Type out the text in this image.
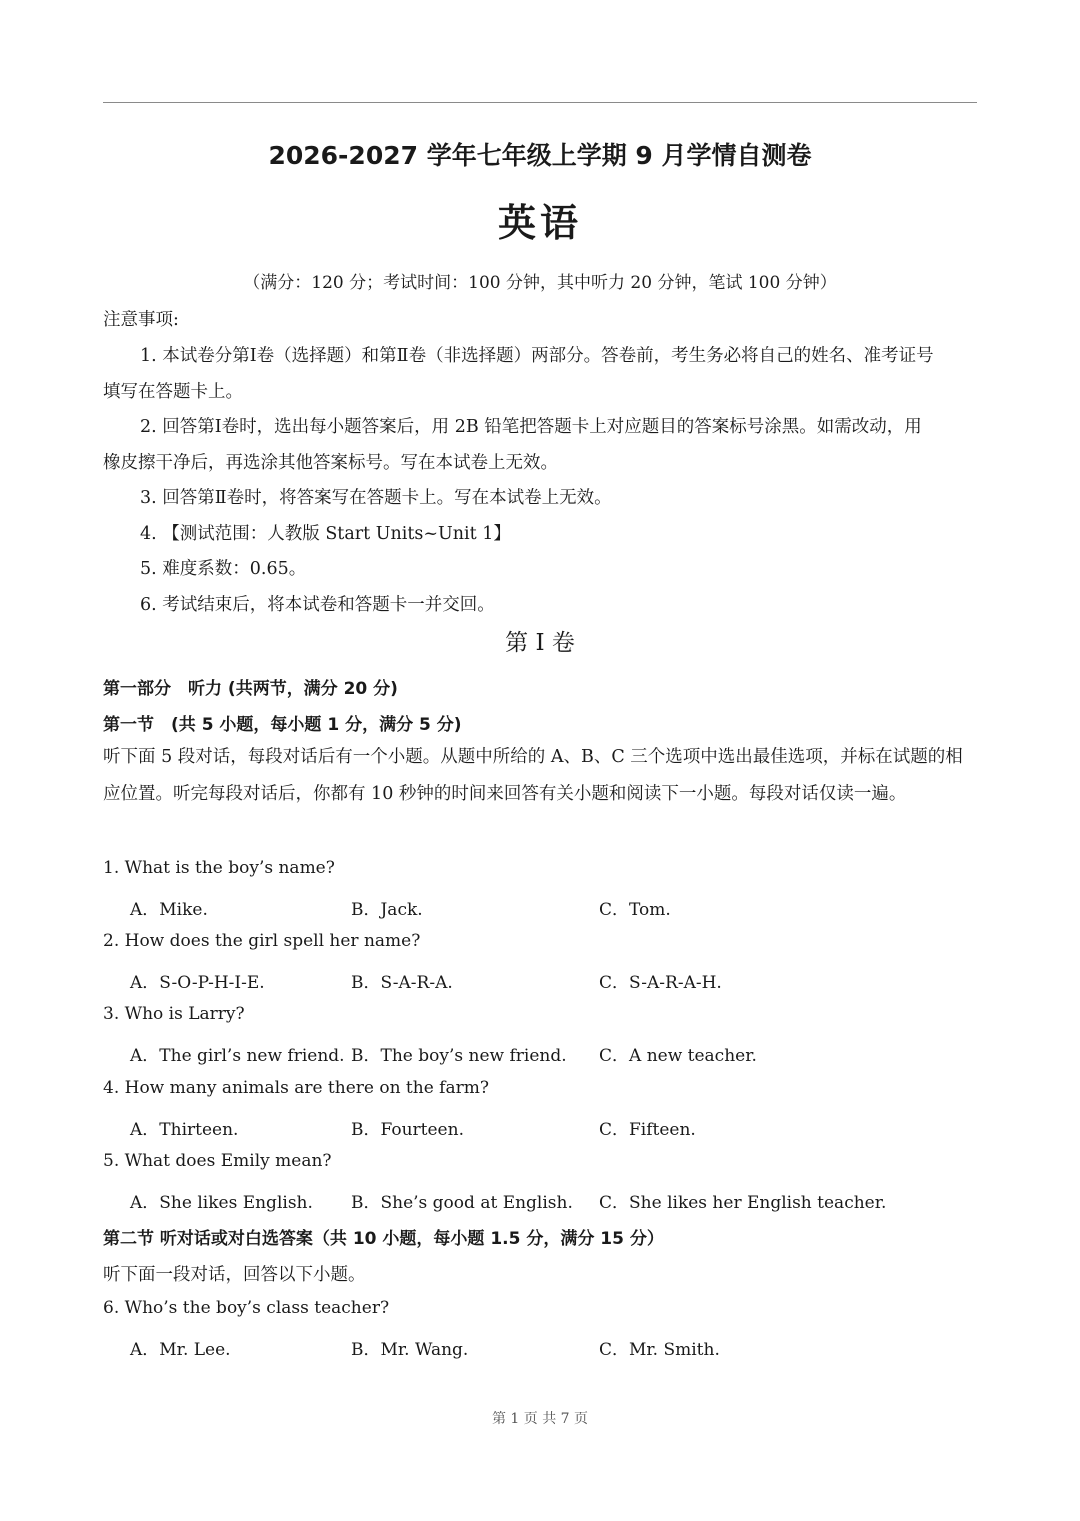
2026-2027 学年七年级上学期 9 月学情自测卷
英语
（满分：120 分；考试时间：100 分钟，其中听力 20 分钟，笔试 100 分钟）
注意事项:
1. 本试卷分第Ⅰ卷（选择题）和第Ⅱ卷（非选择题）两部分。答卷前，考生务必将自己的姓名、准考证号
填写在答题卡上。
2. 回答第Ⅰ卷时，选出每小题答案后，用 2B 铅笔把答题卡上对应题目的答案标号涂黑。如需改动，用
橡皮擦干净后，再选涂其他答案标号。写在本试卷上无效。
3. 回答第Ⅱ卷时，将答案写在答题卡上。写在本试卷上无效。
4. 【测试范围：人教版 Start Units~Unit 1】
5. 难度系数：0.65。
6. 考试结束后，将本试卷和答题卡一并交回。
第 I 卷
第一部分　听力 (共两节，满分 20 分)
第一节　(共 5 小题，每小题 1 分，满分 5 分)
听下面 5 段对话，每段对话后有一个小题。从题中所给的 A、B、C 三个选项中选出最佳选项，并标在试题的相应位置。听完每段对话后，你都有 10 秒钟的时间来回答有关小题和阅读下一小题。每段对话仅读一遍。
1. What is the boy’s name?
A．Mike.	B．Jack.	C．Tom.
2. How does the girl spell her name?
A．S-O-P-H-I-E.	B．S-A-R-A.	C．S-A-R-A-H.
3. Who is Larry?
A．The girl’s new friend. B．The boy’s new friend. C．A new teacher.
4. How many animals are there on the farm?
A．Thirteen.	B．Fourteen.	C．Fifteen.
5. What does Emily mean?
A．She likes English. B．She’s good at English. C．She likes her English teacher.
第二节 听对话或对白选答案（共 10 小题，每小题 1.5 分，满分 15 分）
听下面一段对话，回答以下小题。
6. Who’s the boy’s class teacher?
A．Mr. Lee.	B．Mr. Wang.	C．Mr. Smith.
第 1 页 共 7 页
